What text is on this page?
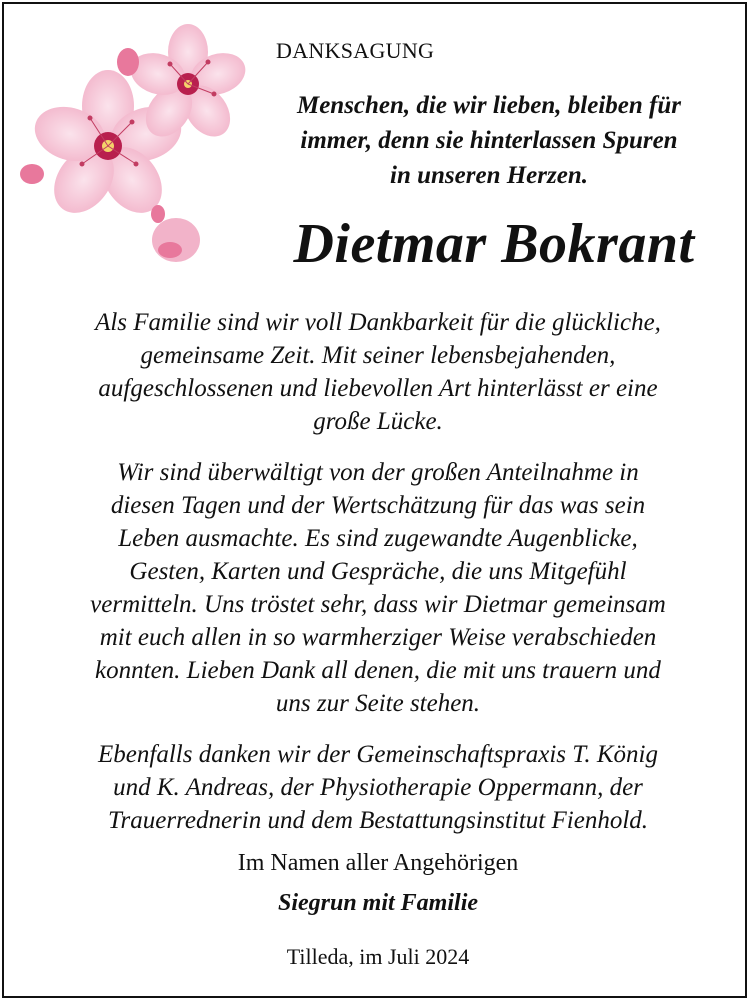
DANKSAGUNG
Menschen, die wir lieben, bleiben für
immer, denn sie hinterlassen Spuren
in unseren Herzen.
Dietmar Bokrant
Als Familie sind wir voll Dankbarkeit für die glückliche,
gemeinsame Zeit. Mit seiner lebensbejahenden,
aufgeschlossenen und liebevollen Art hinterlässt er eine
große Lücke.
Wir sind überwältigt von der großen Anteilnahme in
diesen Tagen und der Wertschätzung für das was sein
Leben ausmachte. Es sind zugewandte Augenblicke,
Gesten, Karten und Gespräche, die uns Mitgefühl
vermitteln. Uns tröstet sehr, dass wir Dietmar gemeinsam
mit euch allen in so warmherziger Weise verabschieden
konnten. Lieben Dank all denen, die mit uns trauern und
uns zur Seite stehen.
Ebenfalls danken wir der Gemeinschaftspraxis T. König
und K. Andreas, der Physiotherapie Oppermann, der
Trauerrednerin und dem Bestattungsinstitut Fienhold.
Im Namen aller Angehörigen
Siegrun mit Familie
Tilleda, im Juli 2024
